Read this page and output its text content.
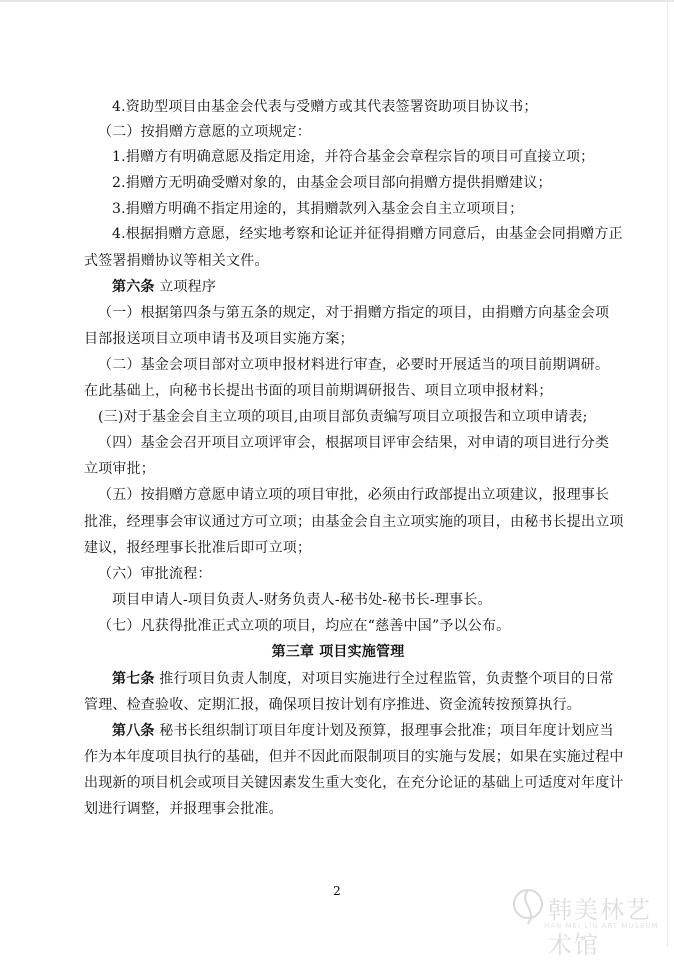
4.资助型项目由基金会代表与受赠方或其代表签署资助项目协议书；
（二）按捐赠方意愿的立项规定：
1.捐赠方有明确意愿及指定用途，并符合基金会章程宗旨的项目可直接立项；
2.捐赠方无明确受赠对象的，由基金会项目部向捐赠方提供捐赠建议；
3.捐赠方明确不指定用途的，其捐赠款列入基金会自主立项项目；
4.根据捐赠方意愿，经实地考察和论证并征得捐赠方同意后，由基金会同捐赠方正
式签署捐赠协议等相关文件。
第六条 立项程序
（一）根据第四条与第五条的规定，对于捐赠方指定的项目，由捐赠方向基金会项
目部报送项目立项申请书及项目实施方案；
（二）基金会项目部对立项申报材料进行审查，必要时开展适当的项目前期调研。
在此基础上，向秘书长提出书面的项目前期调研报告、项目立项申报材料；
(三)对于基金会自主立项的项目,由项目部负责编写项目立项报告和立项申请表;
（四）基金会召开项目立项评审会，根据项目评审会结果，对申请的项目进行分类
立项审批；
（五）按捐赠方意愿申请立项的项目审批，必须由行政部提出立项建议，报理事长
批准，经理事会审议通过方可立项；由基金会自主立项实施的项目，由秘书长提出立项
建议，报经理事长批准后即可立项；
（六）审批流程：
项目申请人-项目负责人-财务负责人-秘书处-秘书长-理事长。
（七）凡获得批准正式立项的项目，均应在“慈善中国”予以公布。
第三章 项目实施管理
第七条 推行项目负责人制度，对项目实施进行全过程监管，负责整个项目的日常
管理、检查验收、定期汇报，确保项目按计划有序推进、资金流转按预算执行。
第八条 秘书长组织制订项目年度计划及预算，报理事会批准；项目年度计划应当
作为本年度项目执行的基础，但并不因此而限制项目的实施与发展；如果在实施过程中
出现新的项目机会或项目关键因素发生重大变化，在充分论证的基础上可适度对年度计
划进行调整，并报理事会批准。
2
韩美林艺术馆
HAN MEI LIN ART MUSEUM
